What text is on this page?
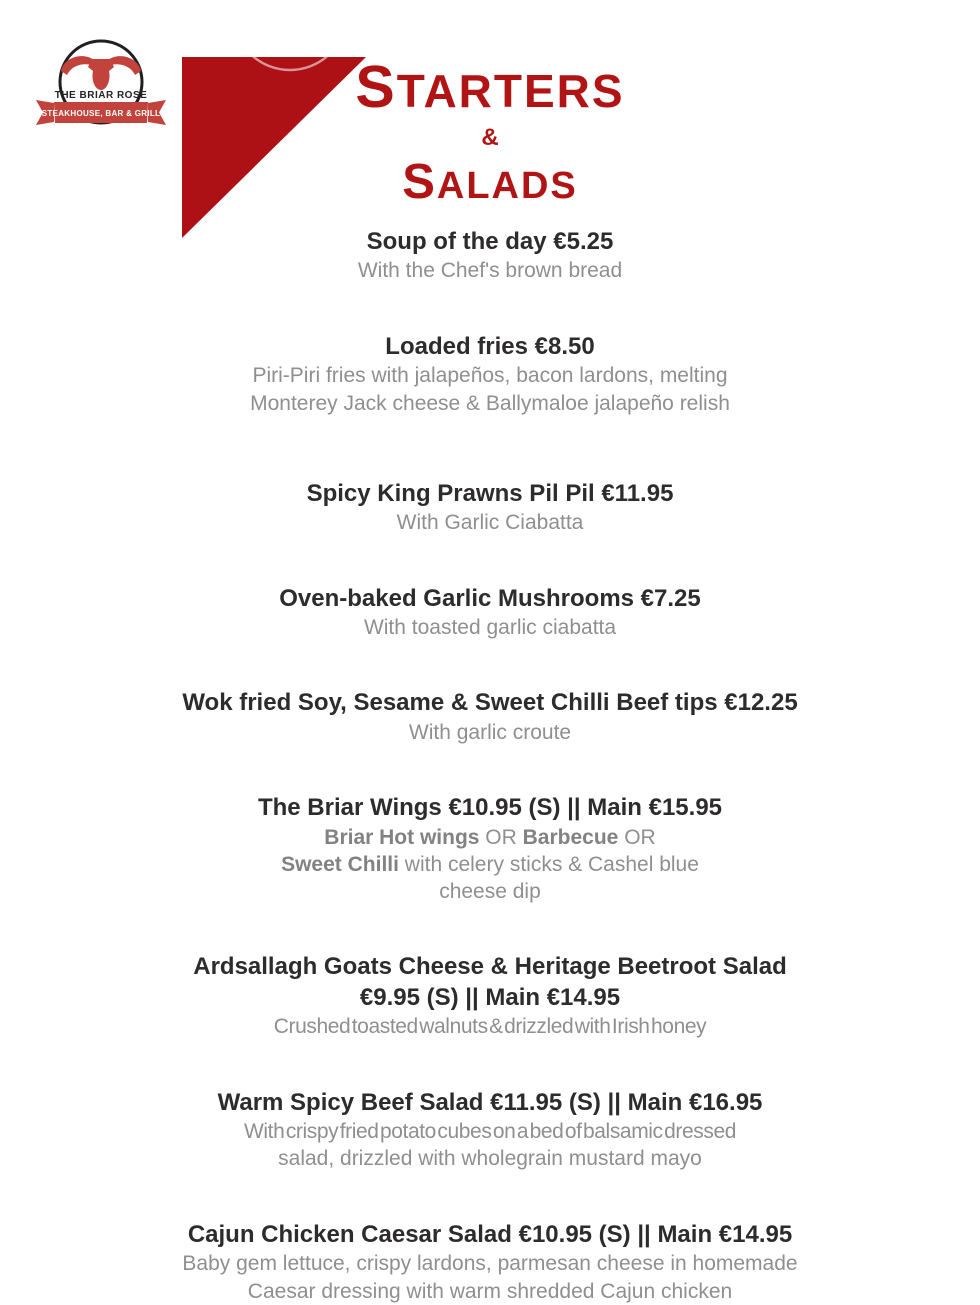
THE BRIAR ROSE
STEAKHOUSE, BAR & GRILL	STARTERS
&
SALADS
Soup of the day €5.25
With the Chef's brown bread
Loaded fries €8.50
Piri-Piri fries with jalapeños, bacon lardons, melting
Monterey Jack cheese & Ballymaloe jalapeño relish
Spicy King Prawns Pil Pil €11.95
With Garlic Ciabatta
Oven-baked Garlic Mushrooms €7.25
With toasted garlic ciabatta
Wok fried Soy, Sesame & Sweet Chilli Beef tips €12.25
With garlic croute
The Briar Wings €10.95 (S) || Main €15.95
Briar Hot wings OR Barbecue OR
Sweet Chilli with celery sticks & Cashel blue
cheese dip
Ardsallagh Goats Cheese & Heritage Beetroot Salad
€9.95 (S) || Main €14.95
Crushed toasted walnuts & drizzled with Irish honey
Warm Spicy Beef Salad €11.95 (S) || Main €16.95
With crispy fried potato cubes on a bed of balsamic dressed
salad, drizzled with wholegrain mustard mayo
Cajun Chicken Caesar Salad €10.95 (S) || Main €14.95
Baby gem lettuce, crispy lardons, parmesan cheese in homemade
Caesar dressing with warm shredded Cajun chicken
